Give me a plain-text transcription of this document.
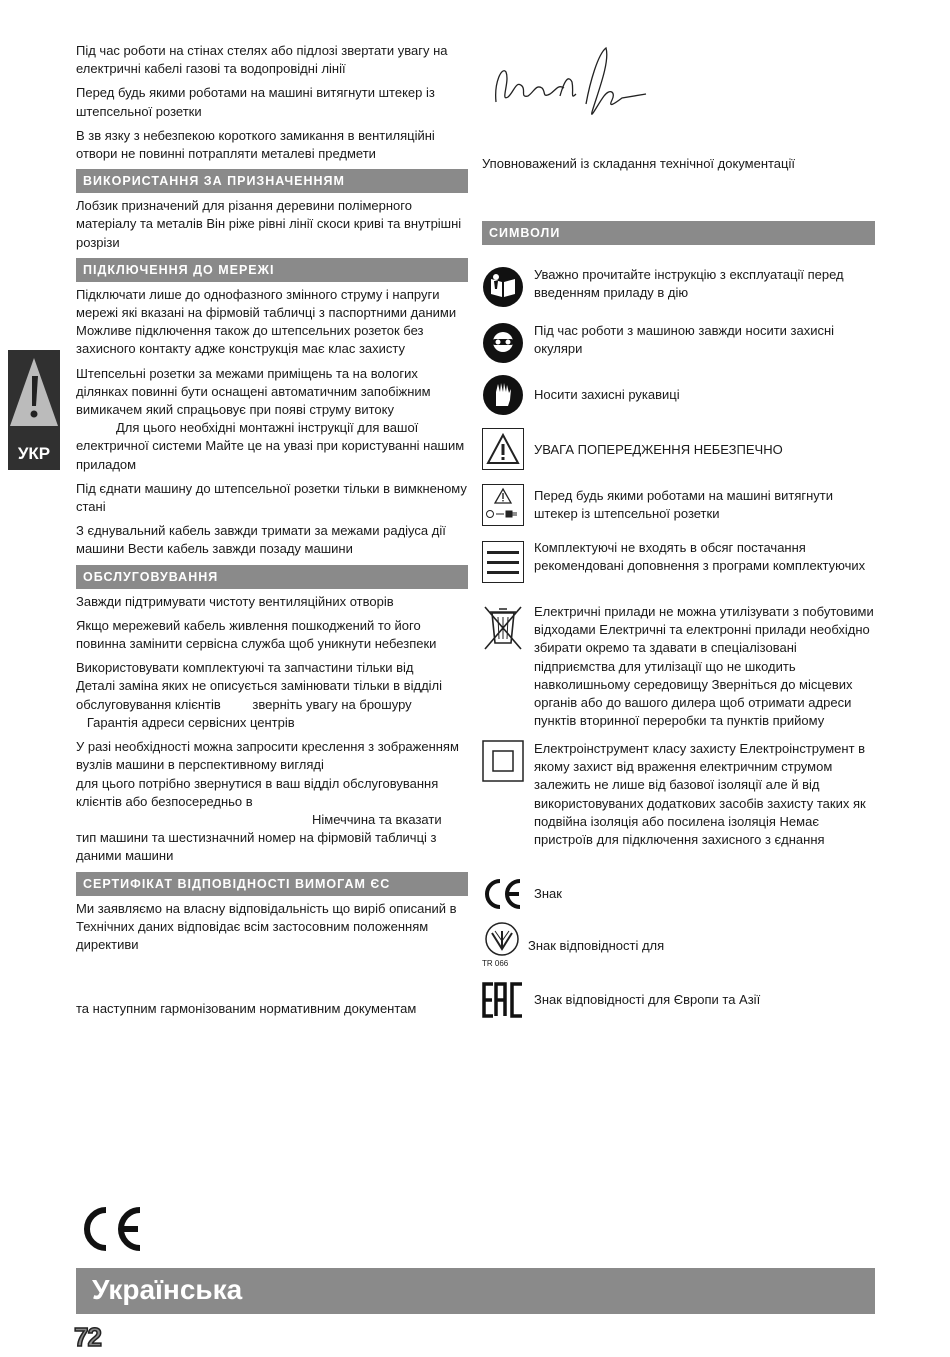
Під час роботи на стінах стелях або підлозі звертати увагу на електричні кабелі газові та водопровідні лінії

Перед будь якими роботами на машині витягнути штекер із штепсельної розетки

В зв язку з небезпекою короткого замикання в вентиляційні отвори не повинні потрапляти металеві предмети

ВИКОРИСТАННЯ ЗА ПРИЗНАЧЕННЯМ

Лобзик призначений для різання деревини полімерного матеріалу та металів Він ріже рівні лінії скоси криві та внутрішні розрізи

ПІДКЛЮЧЕННЯ ДО МЕРЕЖІ

Підключати лише до однофазного змінного струму і напруги мережі які вказані на фірмовій табличці з паспортними даними Можливе підключення також до штепсельних розеток без захисного контакту адже конструкція має клас захисту

Штепсельні розетки за межами приміщень та на вологих ділянках повинні бути оснащені автоматичним запобіжним вимикачем який спрацьовує при появі струму витоку
Для цього необхідні монтажні інструкції для вашої електричної системи Майте це на увазі при користуванні нашим приладом

Під єднати машину до штепсельної розетки тільки в вимкненому стані

З єднувальний кабель завжди тримати за межами радіуса дії машини Вести кабель завжди позаду машини

ОБСЛУГОВУВАННЯ

Завжди підтримувати чистоту вентиляційних отворів

Якщо мережевий кабель живлення пошкоджений то його повинна замінити сервісна служба щоб уникнути небезпеки

Використовувати комплектуючі та запчастини тільки від
Деталі заміна яких не описується замінювати тільки в відділі обслуговування клієнтів зверніть увагу на брошуру
Гарантія адреси сервісних центрів

У разі необхідності можна запросити креслення з зображенням вузлів машини в перспективному вигляді
для цього потрібно звернутися в ваш відділ обслуговування клієнтів або безпосередньо в
Німеччина та вказати
тип машини та шестизначний номер на фірмовій табличці з даними машини

СЕРТИФІКАТ ВІДПОВІДНОСТІ ВИМОГАМ ЄС

Ми заявляємо на власну відповідальність що виріб описаний в Технічних даних відповідає всім застосовним положенням директиви

та наступним гармонізованим нормативним документам

Уповноважений із складання технічної документації
СИМВОЛИ
Уважно прочитайте інструкцію з експлуатації перед введенням приладу в дію
Під час роботи з машиною завжди носити захисні окуляри
Носити захисні рукавиці
УВАГА ПОПЕРЕДЖЕННЯ НЕБЕЗПЕЧНО
Перед будь якими роботами на машині витягнути штекер із штепсельної розетки
Комплектуючі не входять в обсяг постачання рекомендовані доповнення з програми комплектуючих
Електричні прилади не можна утилізувати з побутовими відходами Електричні та електронні прилади необхідно збирати окремо та здавати в спеціалізовані підприємства для утилізації що не шкодить навколишньому середовищу Зверніться до місцевих органів або до вашого дилера щоб отримати адреси пунктів вторинної переробки та пунктів прийому
Електроінструмент класу захисту Електроінструмент в якому захист від враження електричним струмом залежить не лише від базової ізоляції але й від використовуваних додаткових засобів захисту таких як подвійна ізоляція або посилена ізоляція Немає пристроїв для підключення захисного з єднання
Знак
TR 066
Знак відповідності для
Знак відповідності для Європи та Азії
УКР
Українська
72
